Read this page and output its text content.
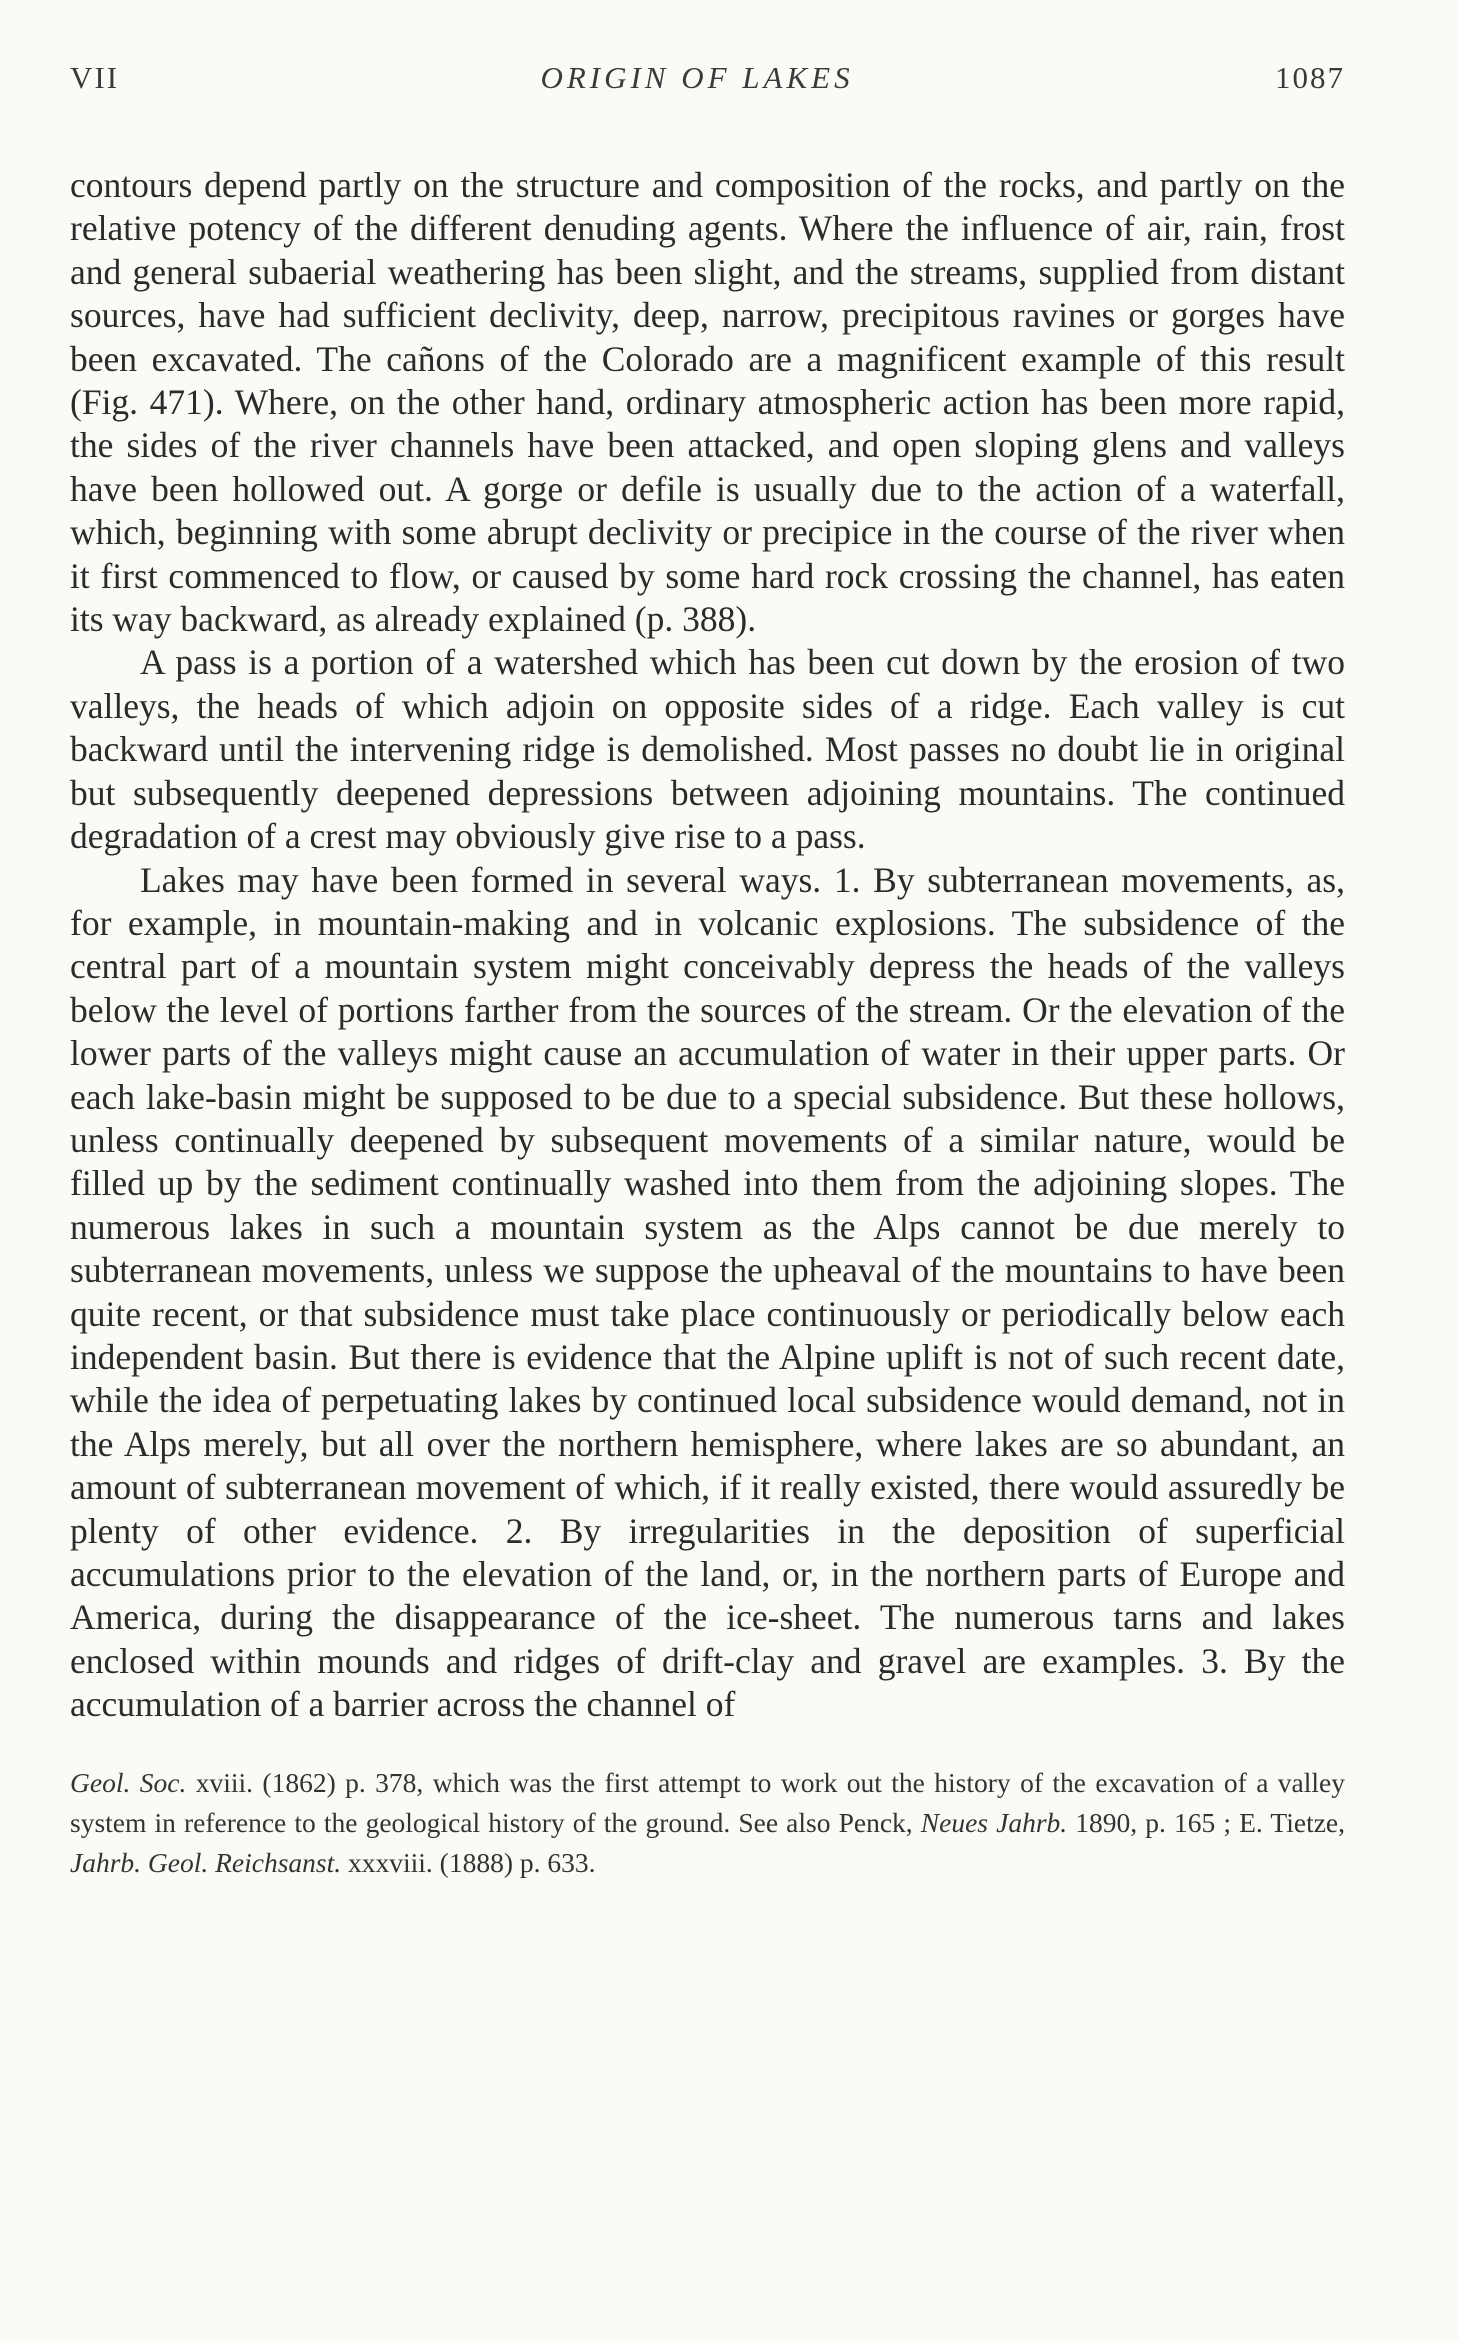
VII	ORIGIN OF LAKES	1087

contours depend partly on the structure and composition of the rocks, and partly on the relative potency of the different denuding agents. Where the influence of air, rain, frost and general subaerial weathering has been slight, and the streams, supplied from distant sources, have had sufficient declivity, deep, narrow, precipitous ravines or gorges have been excavated. The cañons of the Colorado are a magnificent example of this result (Fig. 471). Where, on the other hand, ordinary atmospheric action has been more rapid, the sides of the river channels have been attacked, and open sloping glens and valleys have been hollowed out. A gorge or defile is usually due to the action of a waterfall, which, beginning with some abrupt declivity or precipice in the course of the river when it first commenced to flow, or caused by some hard rock crossing the channel, has eaten its way backward, as already explained (p. 388).

A pass is a portion of a watershed which has been cut down by the erosion of two valleys, the heads of which adjoin on opposite sides of a ridge. Each valley is cut backward until the intervening ridge is demolished. Most passes no doubt lie in original but subsequently deepened depressions between adjoining mountains. The continued degradation of a crest may obviously give rise to a pass.

Lakes may have been formed in several ways. 1. By subterranean movements, as, for example, in mountain-making and in volcanic explosions. The subsidence of the central part of a mountain system might conceivably depress the heads of the valleys below the level of portions farther from the sources of the stream. Or the elevation of the lower parts of the valleys might cause an accumulation of water in their upper parts. Or each lake-basin might be supposed to be due to a special subsidence. But these hollows, unless continually deepened by subsequent movements of a similar nature, would be filled up by the sediment continually washed into them from the adjoining slopes. The numerous lakes in such a mountain system as the Alps cannot be due merely to subterranean movements, unless we suppose the upheaval of the mountains to have been quite recent, or that subsidence must take place continuously or periodically below each independent basin. But there is evidence that the Alpine uplift is not of such recent date, while the idea of perpetuating lakes by continued local subsidence would demand, not in the Alps merely, but all over the northern hemisphere, where lakes are so abundant, an amount of subterranean movement of which, if it really existed, there would assuredly be plenty of other evidence. 2. By irregularities in the deposition of superficial accumulations prior to the elevation of the land, or, in the northern parts of Europe and America, during the disappearance of the ice-sheet. The numerous tarns and lakes enclosed within mounds and ridges of drift-clay and gravel are examples. 3. By the accumulation of a barrier across the channel of

Geol. Soc. xviii. (1862) p. 378, which was the first attempt to work out the history of the excavation of a valley system in reference to the geological history of the ground. See also Penck, Neues Jahrb. 1890, p. 165 ; E. Tietze, Jahrb. Geol. Reichsanst. xxxviii. (1888) p. 633.
